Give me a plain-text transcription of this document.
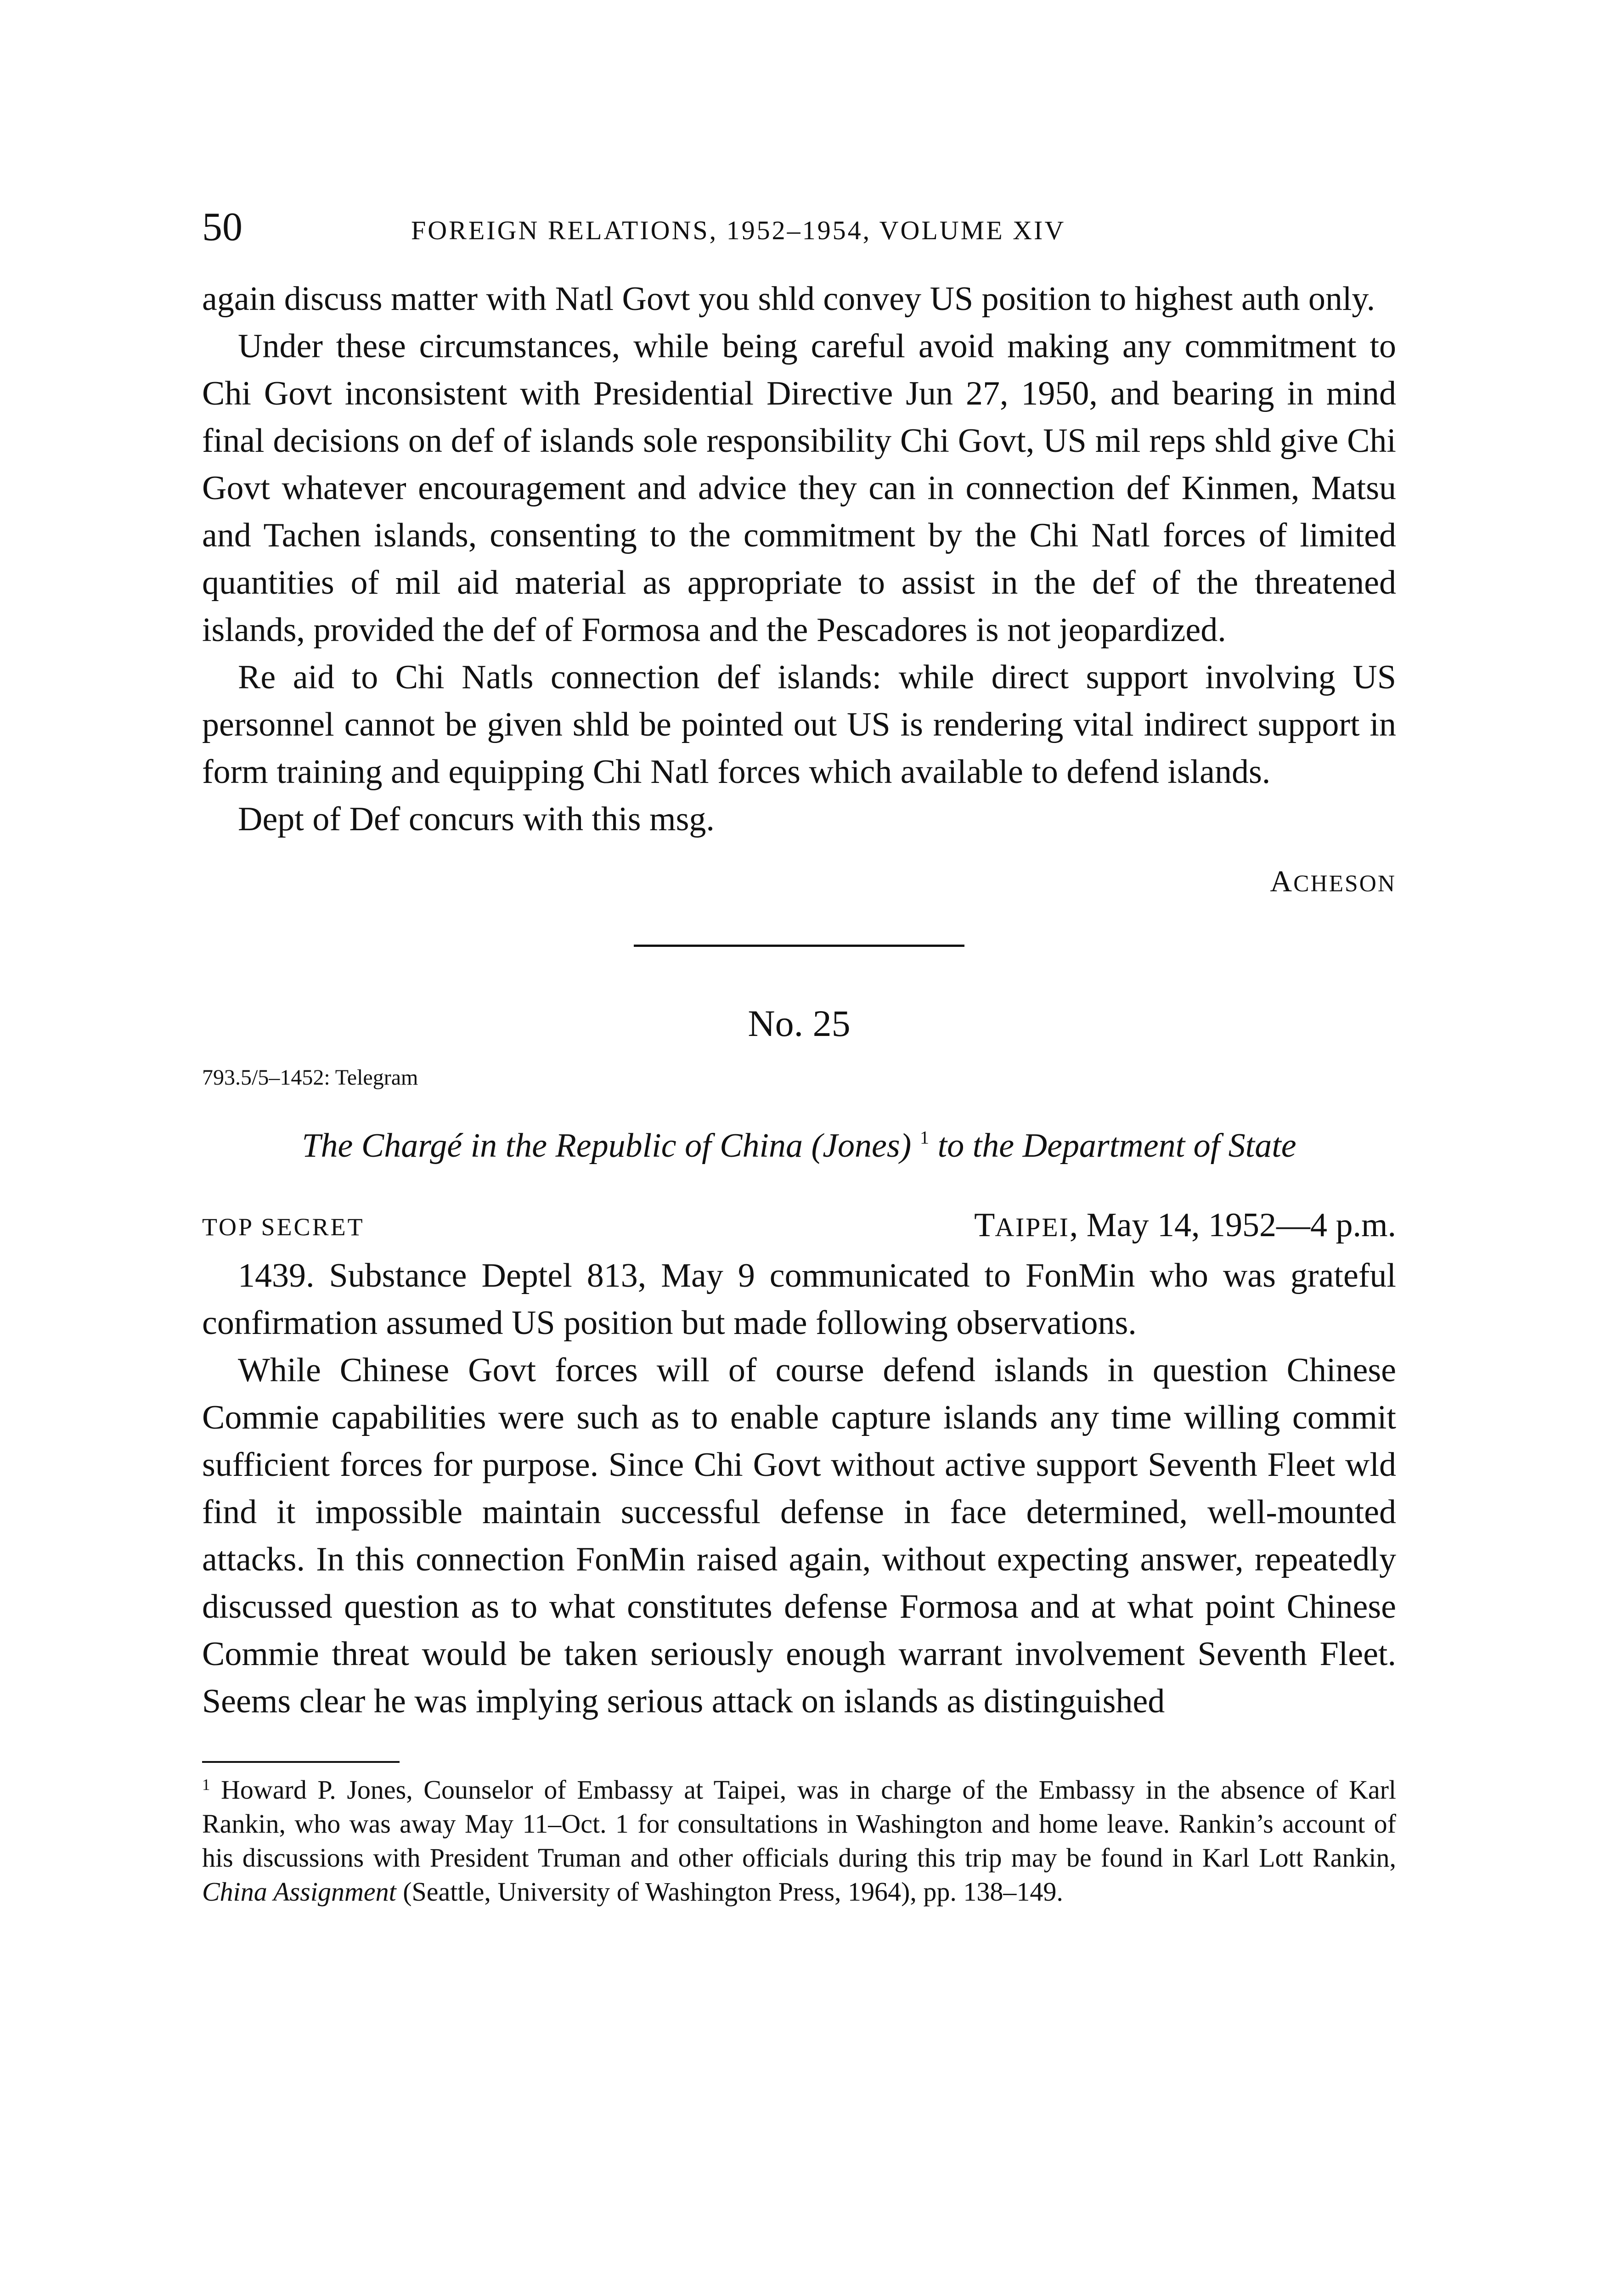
50	FOREIGN RELATIONS, 1952–1954, VOLUME XIV

again discuss matter with Natl Govt you shld convey US position to highest auth only.

Under these circumstances, while being careful avoid making any commitment to Chi Govt inconsistent with Presidential Directive Jun 27, 1950, and bearing in mind final decisions on def of islands sole responsibility Chi Govt, US mil reps shld give Chi Govt whatever encouragement and advice they can in connection def Kinmen, Matsu and Tachen islands, consenting to the commitment by the Chi Natl forces of limited quantities of mil aid material as appropriate to assist in the def of the threatened islands, provided the def of Formosa and the Pescadores is not jeopardized.

Re aid to Chi Natls connection def islands: while direct support involving US personnel cannot be given shld be pointed out US is rendering vital indirect support in form training and equipping Chi Natl forces which available to defend islands.

Dept of Def concurs with this msg.

ACHESON
No. 25
793.5/5–1452: Telegram
The Chargé in the Republic of China (Jones) $^1$ to the Department of State
TOP SECRET	TAIPEI, May 14, 1952—4 p.m.

1439. Substance Deptel 813, May 9 communicated to FonMin who was grateful confirmation assumed US position but made following observations.

While Chinese Govt forces will of course defend islands in question Chinese Commie capabilities were such as to enable capture islands any time willing commit sufficient forces for purpose. Since Chi Govt without active support Seventh Fleet wld find it impossible maintain successful defense in face determined, well-mounted attacks. In this connection FonMin raised again, without expecting answer, repeatedly discussed question as to what constitutes defense Formosa and at what point Chinese Commie threat would be taken seriously enough warrant involvement Seventh Fleet. Seems clear he was implying serious attack on islands as distinguished

$^1$ Howard P. Jones, Counselor of Embassy at Taipei, was in charge of the Embassy in the absence of Karl Rankin, who was away May 11–Oct. 1 for consultations in Washington and home leave. Rankin’s account of his discussions with President Truman and other officials during this trip may be found in Karl Lott Rankin, China Assignment (Seattle, University of Washington Press, 1964), pp. 138–149.
